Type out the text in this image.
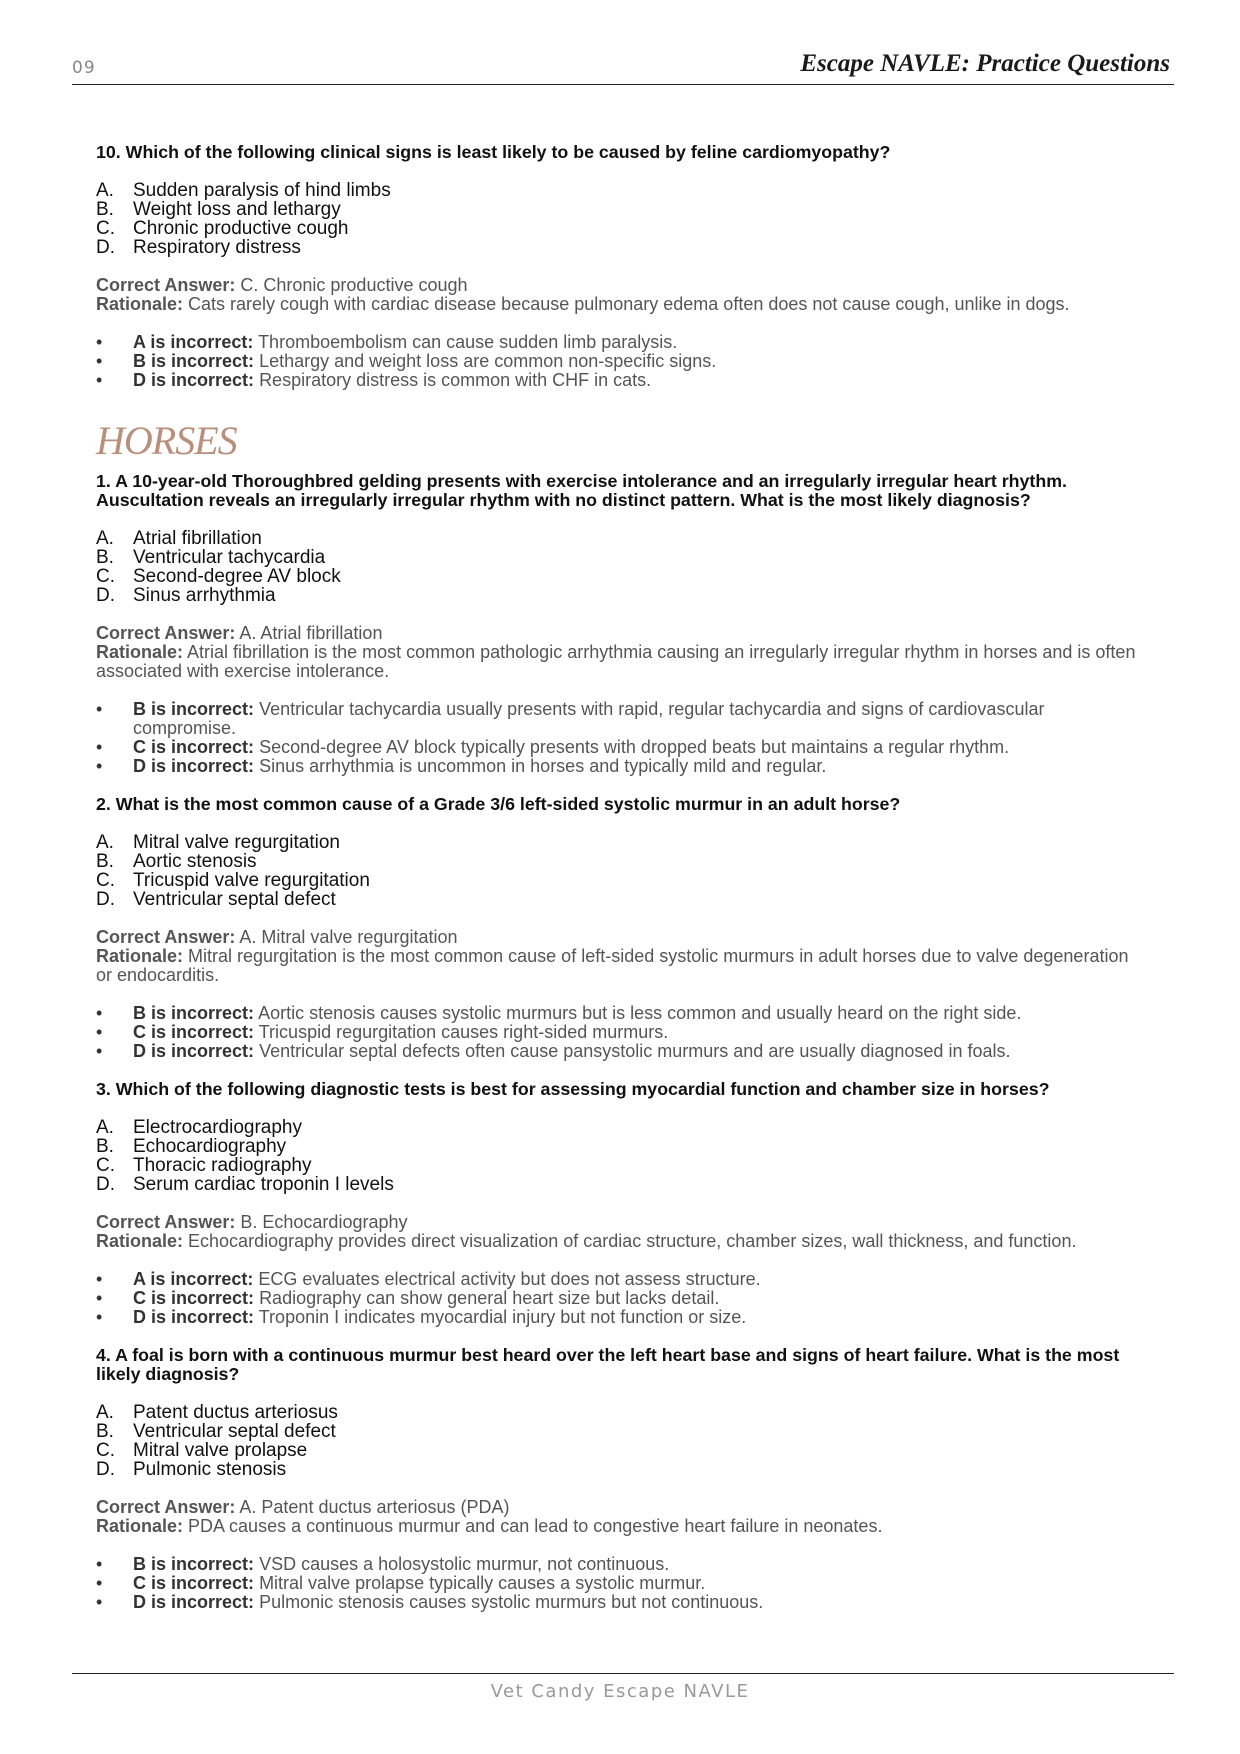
09	Escape NAVLE: Practice Questions

10. Which of the following clinical signs is least likely to be caused by feline cardiomyopathy?

A. Sudden paralysis of hind limbs
B. Weight loss and lethargy
C. Chronic productive cough
D. Respiratory distress
Correct Answer: C. Chronic productive cough
Rationale: Cats rarely cough with cardiac disease because pulmonary edema often does not cause cough, unlike in dogs.
• A is incorrect: Thromboembolism can cause sudden limb paralysis.
• B is incorrect: Lethargy and weight loss are common non-specific signs.
• D is incorrect: Respiratory distress is common with CHF in cats.
HORSES

1. A 10-year-old Thoroughbred gelding presents with exercise intolerance and an irregularly irregular heart rhythm. Auscultation reveals an irregularly irregular rhythm with no distinct pattern. What is the most likely diagnosis?

A. Atrial fibrillation
B. Ventricular tachycardia
C. Second-degree AV block
D. Sinus arrhythmia
Correct Answer: A. Atrial fibrillation
Rationale: Atrial fibrillation is the most common pathologic arrhythmia causing an irregularly irregular rhythm in horses and is often associated with exercise intolerance.
• B is incorrect: Ventricular tachycardia usually presents with rapid, regular tachycardia and signs of cardiovascular compromise.
• C is incorrect: Second-degree AV block typically presents with dropped beats but maintains a regular rhythm.
• D is incorrect: Sinus arrhythmia is uncommon in horses and typically mild and regular.

2. What is the most common cause of a Grade 3/6 left-sided systolic murmur in an adult horse?

A. Mitral valve regurgitation
B. Aortic stenosis
C. Tricuspid valve regurgitation
D. Ventricular septal defect
Correct Answer: A. Mitral valve regurgitation
Rationale: Mitral regurgitation is the most common cause of left-sided systolic murmurs in adult horses due to valve degeneration or endocarditis.
• B is incorrect: Aortic stenosis causes systolic murmurs but is less common and usually heard on the right side.
• C is incorrect: Tricuspid regurgitation causes right-sided murmurs.
• D is incorrect: Ventricular septal defects often cause pansystolic murmurs and are usually diagnosed in foals.

3. Which of the following diagnostic tests is best for assessing myocardial function and chamber size in horses?

A. Electrocardiography
B. Echocardiography
C. Thoracic radiography
D. Serum cardiac troponin I levels
Correct Answer: B. Echocardiography
Rationale: Echocardiography provides direct visualization of cardiac structure, chamber sizes, wall thickness, and function.
• A is incorrect: ECG evaluates electrical activity but does not assess structure.
• C is incorrect: Radiography can show general heart size but lacks detail.
• D is incorrect: Troponin I indicates myocardial injury but not function or size.

4. A foal is born with a continuous murmur best heard over the left heart base and signs of heart failure. What is the most likely diagnosis?

A. Patent ductus arteriosus
B. Ventricular septal defect
C. Mitral valve prolapse
D. Pulmonic stenosis
Correct Answer: A. Patent ductus arteriosus (PDA)
Rationale: PDA causes a continuous murmur and can lead to congestive heart failure in neonates.
• B is incorrect: VSD causes a holosystolic murmur, not continuous.
• C is incorrect: Mitral valve prolapse typically causes a systolic murmur.
• D is incorrect: Pulmonic stenosis causes systolic murmurs but not continuous.
Vet Candy Escape NAVLE
